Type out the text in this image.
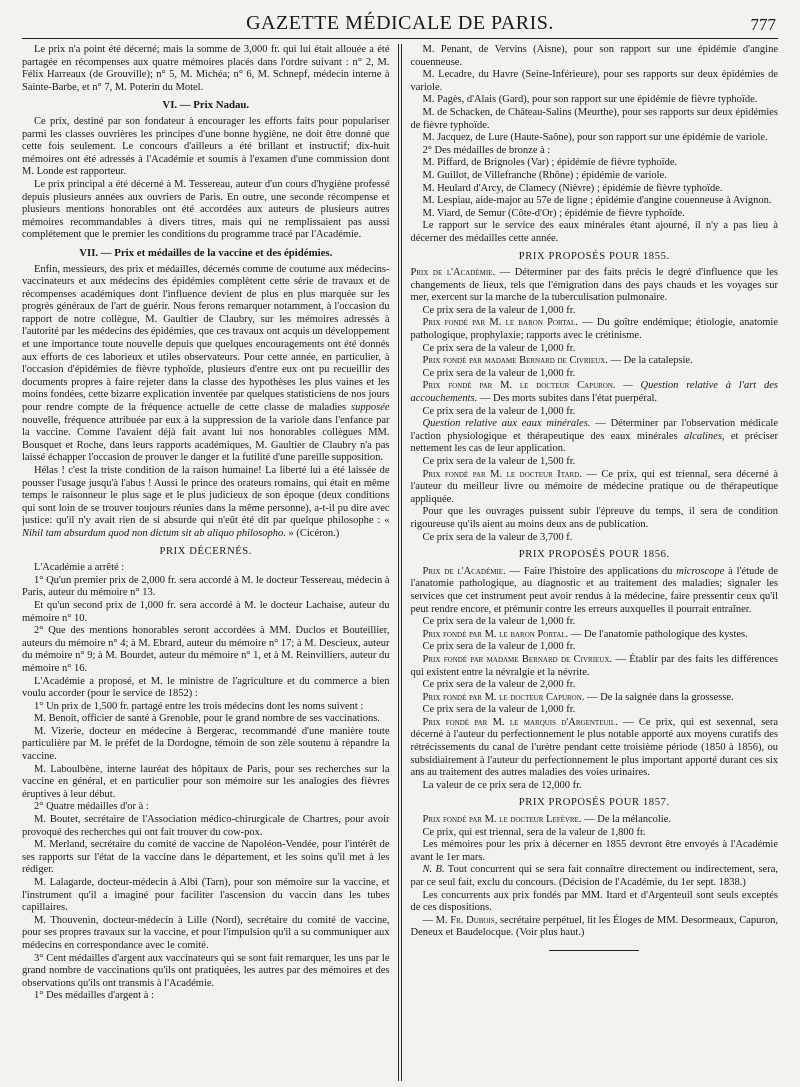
GAZETTE MÉDICALE DE PARIS.	777

Le prix n'a point été décerné; mais la somme de 3,000 fr. qui lui était allouée a été partagée en récompenses aux quatre mémoires placés dans l'ordre suivant : n° 2, M. Félix Harreaux (de Grouville); n° 5, M. Michéa; n° 6, M. Schnepf, médecin interne à Sainte-Barbe, et n° 7, M. Poterin du Motel.

VI. — Prix Nadau.

Ce prix, destiné par son fondateur à encourager les efforts faits pour populariser parmi les classes ouvrières les principes d'une bonne hygiène, ne doit être donné que cette fois seulement. Le concours d'ailleurs a été brillant et instructif; dix-huit mémoires ont été adressés à l'Académie et soumis à l'examen d'une commission dont M. Londe est rapporteur.

Le prix principal a été décerné à M. Tessereau, auteur d'un cours d'hygiène professé depuis plusieurs années aux ouvriers de Paris. En outre, une seconde récompense et plusieurs mentions honorables ont été accordées aux auteurs de plusieurs autres mémoires recommandables à divers titres, mais qui ne remplissaient pas aussi complétement que le premier les conditions du programme tracé par l'Académie.

VII. — Prix et médailles de la vaccine et des épidémies.

Enfin, messieurs, des prix et médailles, décernés comme de coutume aux médecins-vaccinateurs et aux médecins des épidémies complètent cette série de travaux et de récompenses académiques dont l'influence devient de plus en plus marquée sur les progrès généraux de l'art de guérir. Nous ferons remarquer notamment, à l'occasion du rapport de notre collègue, M. Gaultier de Claubry, sur les mémoires adressés à l'autorité par les médecins des épidémies, que ces travaux ont acquis un développement et une importance toute nouvelle depuis que quelques encouragements ont été donnés aux efforts de ces laborieux et utiles observateurs. Pour cette année, en particulier, à l'occasion d'épidémies de fièvre typhoïde, plusieurs d'entre eux ont pu recueillir des documents propres à faire rejeter dans la classe des hypothèses les plus vaines et les moins fondées, cette bizarre explication inventée par quelques statisticiens de nos jours pour rendre compte de la fréquence actuelle de cette classe de maladies supposée nouvelle, fréquence attribuée par eux à la suppression de la variole dans l'enfance par la vaccine. Comme l'avaient déjà fait avant lui nos honorables collègues MM. Bousquet et Roche, dans leurs rapports académiques, M. Gaultier de Claubry n'a pas laissé échapper l'occasion de prouver le danger et la futilité d'une pareille supposition.

Hélas ! c'est la triste condition de la raison humaine! La liberté lui a été laissée de pousser l'usage jusqu'à l'abus ! Aussi le prince des orateurs romains, qui était en même temps le raisonneur le plus sage et le plus judicieux de son époque (deux conditions qui sont loin de se trouver toujours réunies dans la même personne), a-t-il pu dire avec justice: qu'il n'y avait rien de si absurde qui n'eût été dit par quelque philosophe : « Nihil tam absurdum quod non dictum sit ab aliquo philosopho. » (Cicéron.)

PRIX DÉCERNÉS.

L'Académie a arrêté :

1° Qu'un premier prix de 2,000 fr. sera accordé à M. le docteur Tessereau, médecin à Paris, auteur du mémoire n° 13.

Et qu'un second prix de 1,000 fr. sera accordé à M. le docteur Lachaise, auteur du mémoire n° 10.

2° Que des mentions honorables seront accordées à MM. Duclos et Bouteillier, auteurs du mémoire n° 4; à M. Ebrard, auteur du mémoire n° 17; à M. Descieux, auteur du mémoire n° 9; à M. Bourdet, auteur du mémoire n° 1, et à M. Reinvilliers, auteur du mémoire n° 16.

L'Académie a proposé, et M. le ministre de l'agriculture et du commerce a bien voulu accorder (pour le service de 1852) :

1° Un prix de 1,500 fr. partagé entre les trois médecins dont les noms suivent :

M. Benoit, officier de santé à Grenoble, pour le grand nombre de ses vaccinations.

M. Vizerie, docteur en médecine à Bergerac, recommandé d'une manière toute particulière par M. le préfet de la Dordogne, témoin de son zèle soutenu à répandre la vaccine.

M. Laboulbène, interne lauréat des hôpitaux de Paris, pour ses recherches sur la vaccine en général, et en particulier pour son mémoire sur les analogies des fièvres éruptives à leur début.

2° Quatre médailles d'or à :

M. Boutet, secrétaire de l'Association médico-chirurgicale de Chartres, pour avoir provoqué des recherches qui ont fait trouver du cow-pox.

M. Merland, secrétaire du comité de vaccine de Napoléon-Vendée, pour l'intérêt de ses rapports sur l'état de la vaccine dans le département, et les soins qu'il met à les rédiger.

M. Lalagarde, docteur-médecin à Albi (Tarn), pour son mémoire sur la vaccine, et l'instrument qu'il a imaginé pour faciliter l'ascension du vaccin dans les tubes capillaires.

M. Thouvenin, docteur-médecin à Lille (Nord), secrétaire du comité de vaccine, pour ses propres travaux sur la vaccine, et pour l'impulsion qu'il a su communiquer aux médecins en correspondance avec le comité.

3° Cent médailles d'argent aux vaccinateurs qui se sont fait remarquer, les uns par le grand nombre de vaccinations qu'ils ont pratiquées, les autres par des mémoires et des observations qu'ils ont transmis à l'Académie.

1° Des médailles d'argent à :

M. Penant, de Vervins (Aisne), pour son rapport sur une épidémie d'angine couenneuse.

M. Lecadre, du Havre (Seine-Inférieure), pour ses rapports sur deux épidémies de variole.

M. Pagès, d'Alais (Gard), pour son rapport sur une épidémie de fièvre typhoïde.

M. de Schacken, de Château-Salins (Meurthe), pour ses rapports sur deux épidémies de fièvre typhoïde.

M. Jacquez, de Lure (Haute-Saône), pour son rapport sur une épidémie de variole.

2° Des médailles de bronze à :

M. Piffard, de Brignoles (Var) ; épidémie de fièvre typhoïde.

M. Guillot, de Villefranche (Rhône) ; épidémie de variole.

M. Heulard d'Arcy, de Clamecy (Nièvre) ; épidémie de fièvre typhoïde.

M. Lespiau, aide-major au 57e de ligne ; épidémie d'angine couenneuse à Avignon.

M. Viard, de Semur (Côte-d'Or) ; épidémie de fièvre typhoïde.

Le rapport sur le service des eaux minérales étant ajourné, il n'y a pas lieu à décerner des médailles cette année.

PRIX PROPOSÉS POUR 1855.

Prix de l'Académie. — Déterminer par des faits précis le degré d'influence que les changements de lieux, tels que l'émigration dans des pays chauds et les voyages sur mer, exercent sur la marche de la tuberculisation pulmonaire.

Ce prix sera de la valeur de 1,000 fr.

Prix fondé par M. le baron Portal. — Du goître endémique; étiologie, anatomie pathologique, prophylaxie; rapports avec le crétinisme.

Ce prix sera de la valeur de 1,000 fr.

Prix fondé par madame Bernard de Civrieux. — De la catalepsie.

Ce prix sera de la valeur de 1,000 fr.

Prix fondé par M. le docteur Capuron. — Question relative à l'art des accouchements. — Des morts subites dans l'état puerpéral.

Ce prix sera de la valeur de 1,000 fr.

Question relative aux eaux minérales. — Déterminer par l'observation médicale l'action physiologique et thérapeutique des eaux minérales alcalines, et préciser nettement les cas de leur application.

Ce prix sera de la valeur de 1,500 fr.

Prix fondé par M. le docteur Itard. — Ce prix, qui est triennal, sera décerné à l'auteur du meilleur livre ou mémoire de médecine pratique ou de thérapeutique appliquée.

Pour que les ouvrages puissent subir l'épreuve du temps, il sera de condition rigoureuse qu'ils aient au moins deux ans de publication.

Ce prix sera de la valeur de 3,700 f.

PRIX PROPOSÉS POUR 1856.

Prix de l'Académie. — Faire l'histoire des applications du microscope à l'étude de l'anatomie pathologique, au diagnostic et au traitement des maladies; signaler les services que cet instrument peut avoir rendus à la médecine, faire pressentir ceux qu'il peut rendre encore, et prémunir contre les erreurs auxquelles il pourrait entraîner.

Ce prix sera de la valeur de 1,000 fr.

Prix fondé par M. le baron Portal. — De l'anatomie pathologique des kystes.

Ce prix sera de la valeur de 1,000 fr.

Prix fondé par madame Bernard de Civrieux. — Établir par des faits les différences qui existent entre la névralgie et la névrite.

Ce prix sera de la valeur de 2,000 fr.

Prix fondé par M. le docteur Capuron. — De la saignée dans la grossesse.

Ce prix sera de la valeur de 1,000 fr.

Prix fondé par M. le marquis d'Argenteuil. — Ce prix, qui est sexennal, sera décerné à l'auteur du perfectionnement le plus notable apporté aux moyens curatifs des rétrécissements du canal de l'urètre pendant cette troisième période (1850 à 1856), ou subsidiairement à l'auteur du perfectionnement le plus important apporté durant ces six ans au traitement des autres maladies des voies urinaires.

La valeur de ce prix sera de 12,000 fr.

PRIX PROPOSÉS POUR 1857.

Prix fondé par M. le docteur Lefèvre. — De la mélancolie.

Ce prix, qui est triennal, sera de la valeur de 1,800 fr.

Les mémoires pour les prix à décerner en 1855 devront être envoyés à l'Académie avant le 1er mars.

N. B. Tout concurrent qui se sera fait connaître directement ou indirectement, sera, par ce seul fait, exclu du concours. (Décision de l'Académie, du 1er sept. 1838.)

Les concurrents aux prix fondés par MM. Itard et d'Argenteuil sont seuls exceptés de ces dispositions.

— M. Fr. Dubois, secrétaire perpétuel, lit les Éloges de MM. Desormeaux, Capuron, Deneux et Baudelocque. (Voir plus haut.)
